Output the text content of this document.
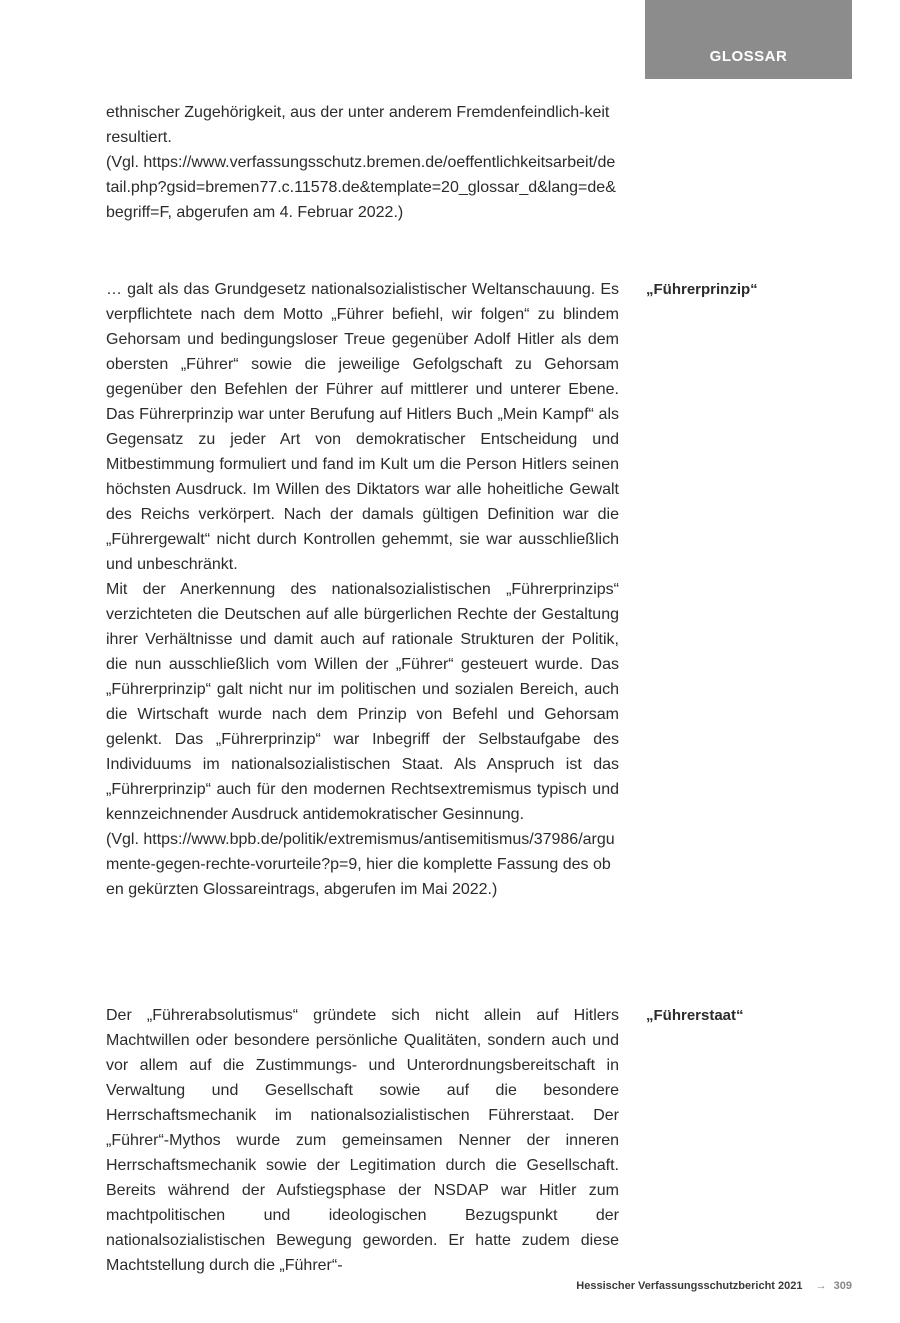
GLOSSAR

ethnischer Zugehörigkeit, aus der unter anderem Fremdenfeindlich-keit resultiert.

(Vgl. https://www.verfassungsschutz.bremen.de/oeffentlichkeitsarbeit/detail.php?gsid=bremen77.c.11578.de&template=20_glossar_d&lang=de&begriff=F, abgerufen am 4. Februar 2022.)

„Führerprinzip“

… galt als das Grundgesetz nationalsozialistischer Weltanschauung. Es verpflichtete nach dem Motto „Führer befiehl, wir folgen“ zu blindem Gehorsam und bedingungsloser Treue gegenüber Adolf Hitler als dem obersten „Führer“ sowie die jeweilige Gefolgschaft zu Gehorsam gegenüber den Befehlen der Führer auf mittlerer und unterer Ebene. Das Führerprinzip war unter Berufung auf Hitlers Buch „Mein Kampf“ als Gegensatz zu jeder Art von demokratischer Entscheidung und Mitbestimmung formuliert und fand im Kult um die Person Hitlers seinen höchsten Ausdruck. Im Willen des Diktators war alle hoheitliche Gewalt des Reichs verkörpert. Nach der damals gültigen Definition war die „Führergewalt“ nicht durch Kontrollen gehemmt, sie war ausschließlich und unbeschränkt.

Mit der Anerkennung des nationalsozialistischen „Führerprinzips“ verzichteten die Deutschen auf alle bürgerlichen Rechte der Gestaltung ihrer Verhältnisse und damit auch auf rationale Strukturen der Politik, die nun ausschließlich vom Willen der „Führer“ gesteuert wurde. Das „Führerprinzip“ galt nicht nur im politischen und sozialen Bereich, auch die Wirtschaft wurde nach dem Prinzip von Befehl und Gehorsam gelenkt. Das „Führerprinzip“ war Inbegriff der Selbstaufgabe des Individuums im nationalsozialistischen Staat. Als Anspruch ist das „Führerprinzip“ auch für den modernen Rechtsextremismus typisch und kennzeichnender Ausdruck antidemokratischer Gesinnung.

(Vgl. https://www.bpb.de/politik/extremismus/antisemitismus/37986/argumente-gegen-rechte-vorurteile?p=9, hier die komplette Fassung des oben gekürzten Glossareintrags, abgerufen im Mai 2022.)

„Führerstaat“

Der „Führerabsolutismus“ gründete sich nicht allein auf Hitlers Machtwillen oder besondere persönliche Qualitäten, sondern auch und vor allem auf die Zustimmungs- und Unterordnungsbereitschaft in Verwaltung und Gesellschaft sowie auf die besondere Herrschaftsmechanik im nationalsozialistischen Führerstaat. Der „Führer“-Mythos wurde zum gemeinsamen Nenner der inneren Herrschaftsmechanik sowie der Legitimation durch die Gesellschaft. Bereits während der Aufstiegsphase der NSDAP war Hitler zum machtpolitischen und ideologischen Bezugspunkt der nationalsozialistischen Bewegung geworden. Er hatte zudem diese Machtstellung durch die „Führer“-

Hessischer Verfassungsschutzbericht 2021 → 309
